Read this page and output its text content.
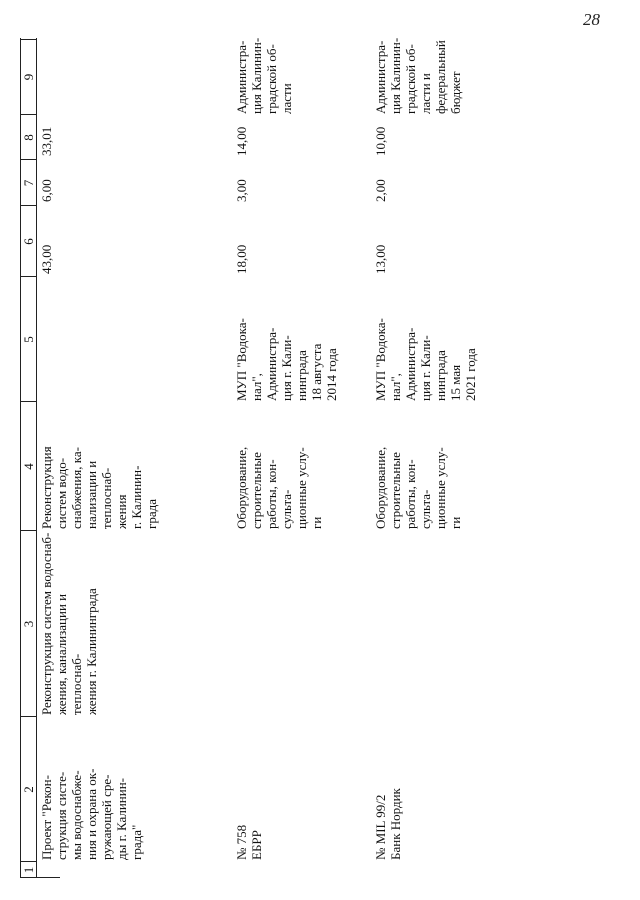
28
1
2
3
4
5
6
7
8
9
Проект "Рекон-
струкция систе-
мы водоснабже-
ния и охрана ок-
ружающей сре-
ды г. Калинин-
града"
Реконструкция систем водоснаб-
жения, канализации и теплоснаб-
жения г. Калининграда
Реконструкция
систем водо-
снабжения, ка-
нализации и
теплоснаб-
жения
г. Калинин-
града
43,00
6,00
33,01
№ 758
ЕБРР
Оборудование,
строительные
работы, кон-
сульта-
ционные услу-
ги
МУП "Водока-
нал",
Администра-
ция г. Кали-
нинграда
18 августа
2014 года
18,00
3,00
14,00
Администра-
ция Калинин-
градской об-
ласти
№ МIL 99/2
Банк Нордик
Оборудование,
строительные
работы, кон-
сульта-
ционные услу-
ги
МУП "Водока-
нал",
Администра-
ция г. Кали-
нинграда
15 мая
2021 года
13,00
2,00
10,00
Администра-
ция Калинин-
градской об-
ласти и
федеральный
бюджет
